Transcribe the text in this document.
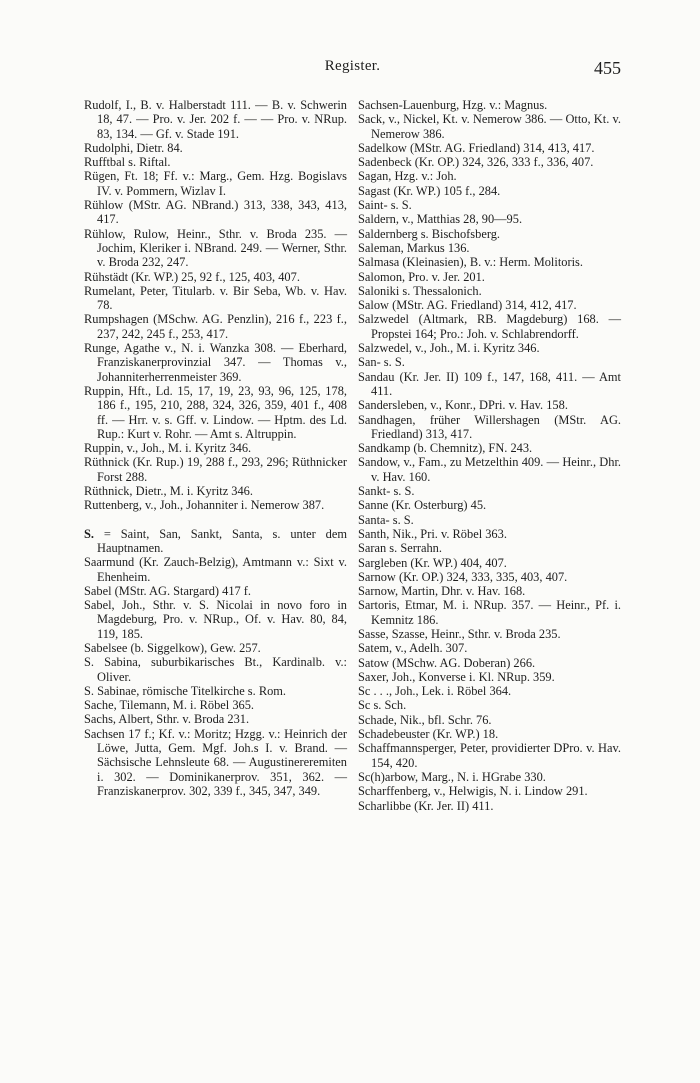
Register.	455

Rudolf, I., B. v. Halberstadt 111. — B. v. Schwerin 18, 47. — Pro. v. Jer. 202 f. — — Pro. v. NRup. 83, 134. — Gf. v. Stade 191.

Rudolphi, Dietr. 84.

Rufftbal s. Riftal.

Rügen, Ft. 18; Ff. v.: Marg., Gem. Hzg. Bogislavs IV. v. Pommern, Wizlav I.

Rühlow (MStr. AG. NBrand.) 313, 338, 343, 413, 417.

Rühlow, Rulow, Heinr., Sthr. v. Broda 235. — Jochim, Kleriker i. NBrand. 249. — Werner, Sthr. v. Broda 232, 247.

Rühstädt (Kr. WP.) 25, 92 f., 125, 403, 407.

Rumelant, Peter, Titularb. v. Bir Seba, Wb. v. Hav. 78.

Rumpshagen (MSchw. AG. Penzlin), 216 f., 223 f., 237, 242, 245 f., 253, 417.

Runge, Agathe v., N. i. Wanzka 308. — Eberhard, Franziskanerprovinzial 347. — Thomas v., Johanniterherrenmeister 369.

Ruppin, Hft., Ld. 15, 17, 19, 23, 93, 96, 125, 178, 186 f., 195, 210, 288, 324, 326, 359, 401 f., 408 ff. — Hrr. v. s. Gff. v. Lindow. — Hptm. des Ld. Rup.: Kurt v. Rohr. — Amt s. Altruppin.

Ruppin, v., Joh., M. i. Kyritz 346.

Rüthnick (Kr. Rup.) 19, 288 f., 293, 296; Rüthnicker Forst 288.

Rüthnick, Dietr., M. i. Kyritz 346.

Ruttenberg, v., Joh., Johanniter i. Nemerow 387.

S. = Saint, San, Sankt, Santa, s. unter dem Hauptnamen.

Saarmund (Kr. Zauch-Belzig), Amtmann v.: Sixt v. Ehenheim.

Sabel (MStr. AG. Stargard) 417 f.

Sabel, Joh., Sthr. v. S. Nicolai in novo foro in Magdeburg, Pro. v. NRup., Of. v. Hav. 80, 84, 119, 185.

Sabelsee (b. Siggelkow), Gew. 257.

S. Sabina, suburbikarisches Bt., Kardinalb. v.: Oliver.

S. Sabinae, römische Titelkirche s. Rom.

Sache, Tilemann, M. i. Röbel 365.

Sachs, Albert, Sthr. v. Broda 231.

Sachsen 17 f.; Kf. v.: Moritz; Hzgg. v.: Heinrich der Löwe, Jutta, Gem. Mgf. Joh.s I. v. Brand. — Sächsische Lehnsleute 68. — Augustinereremiten i. 302. — Dominikanerprov. 351, 362. — Franziskanerprov. 302, 339 f., 345, 347, 349.

Sachsen-Lauenburg, Hzg. v.: Magnus.

Sack, v., Nickel, Kt. v. Nemerow 386. — Otto, Kt. v. Nemerow 386.

Sadelkow (MStr. AG. Friedland) 314, 413, 417.

Sadenbeck (Kr. OP.) 324, 326, 333 f., 336, 407.

Sagan, Hzg. v.: Joh.

Sagast (Kr. WP.) 105 f., 284.

Saint- s. S.

Saldern, v., Matthias 28, 90—95.

Saldernberg s. Bischofsberg.

Saleman, Markus 136.

Salmasa (Kleinasien), B. v.: Herm. Molitoris.

Salomon, Pro. v. Jer. 201.

Saloniki s. Thessalonich.

Salow (MStr. AG. Friedland) 314, 412, 417.

Salzwedel (Altmark, RB. Magdeburg) 168. — Propstei 164; Pro.: Joh. v. Schlabrendorff.

Salzwedel, v., Joh., M. i. Kyritz 346.

San- s. S.

Sandau (Kr. Jer. II) 109 f., 147, 168, 411. — Amt 411.

Sandersleben, v., Konr., DPri. v. Hav. 158.

Sandhagen, früher Willershagen (MStr. AG. Friedland) 313, 417.

Sandkamp (b. Chemnitz), FN. 243.

Sandow, v., Fam., zu Metzelthin 409. — Heinr., Dhr. v. Hav. 160.

Sankt- s. S.

Sanne (Kr. Osterburg) 45.

Santa- s. S.

Santh, Nik., Pri. v. Röbel 363.

Saran s. Serrahn.

Sargleben (Kr. WP.) 404, 407.

Sarnow (Kr. OP.) 324, 333, 335, 403, 407.

Sarnow, Martin, Dhr. v. Hav. 168.

Sartoris, Etmar, M. i. NRup. 357. — Heinr., Pf. i. Kemnitz 186.

Sasse, Szasse, Heinr., Sthr. v. Broda 235.

Satem, v., Adelh. 307.

Satow (MSchw. AG. Doberan) 266.

Saxer, Joh., Konverse i. Kl. NRup. 359.

Sc . . ., Joh., Lek. i. Röbel 364.

Sc s. Sch.

Schade, Nik., bfl. Schr. 76.

Schadebeuster (Kr. WP.) 18.

Schaffmannsperger, Peter, providierter DPro. v. Hav. 154, 420.

Sc(h)arbow, Marg., N. i. HGrabe 330.

Scharffenberg, v., Helwigis, N. i. Lindow 291.

Scharlibbe (Kr. Jer. II) 411.
